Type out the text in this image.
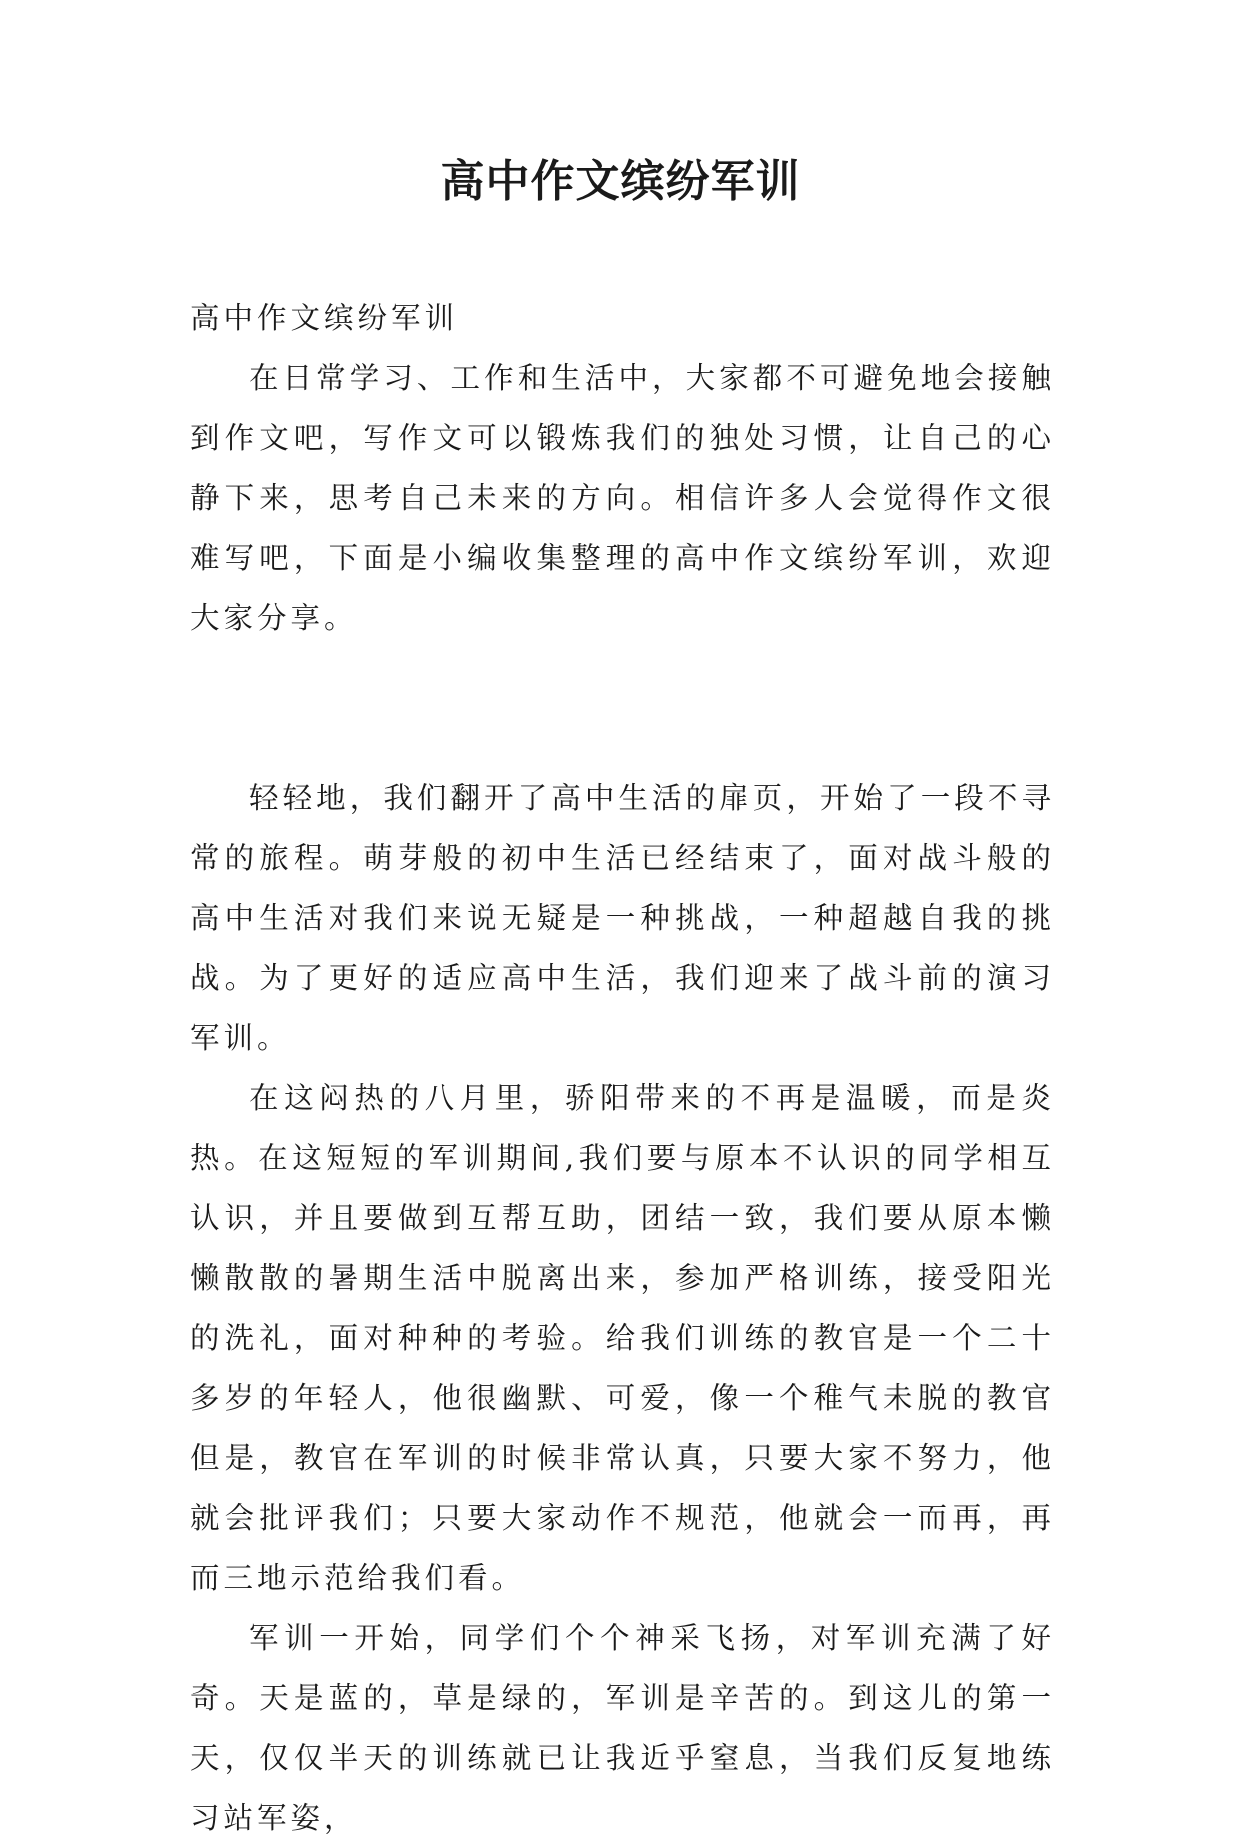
高中作文缤纷军训

高中作文缤纷军训

在日常学习、工作和生活中，大家都不可避免地会接触到作文吧，写作文可以锻炼我们的独处习惯，让自己的心静下来，思考自己未来的方向。相信许多人会觉得作文很难写吧，下面是小编收集整理的高中作文缤纷军训，欢迎大家分享。

轻轻地，我们翻开了高中生活的扉页，开始了一段不寻常的旅程。萌芽般的初中生活已经结束了，面对战斗般的高中生活对我们来说无疑是一种挑战，一种超越自我的挑战。为了更好的适应高中生活，我们迎来了战斗前的演习军训。

在这闷热的八月里，骄阳带来的不再是温暖，而是炎热。在这短短的军训期间,我们要与原本不认识的同学相互认识，并且要做到互帮互助，团结一致，我们要从原本懒懒散散的暑期生活中脱离出来，参加严格训练，接受阳光的洗礼，面对种种的考验。给我们训练的教官是一个二十多岁的年轻人，他很幽默、可爱，像一个稚气未脱的教官但是，教官在军训的时候非常认真，只要大家不努力，他就会批评我们；只要大家动作不规范，他就会一而再，再而三地示范给我们看。

军训一开始，同学们个个神采飞扬，对军训充满了好奇。天是蓝的，草是绿的，军训是辛苦的。到这儿的第一天，仅仅半天的训练就已让我近乎窒息，当我们反复地练习站军姿，
